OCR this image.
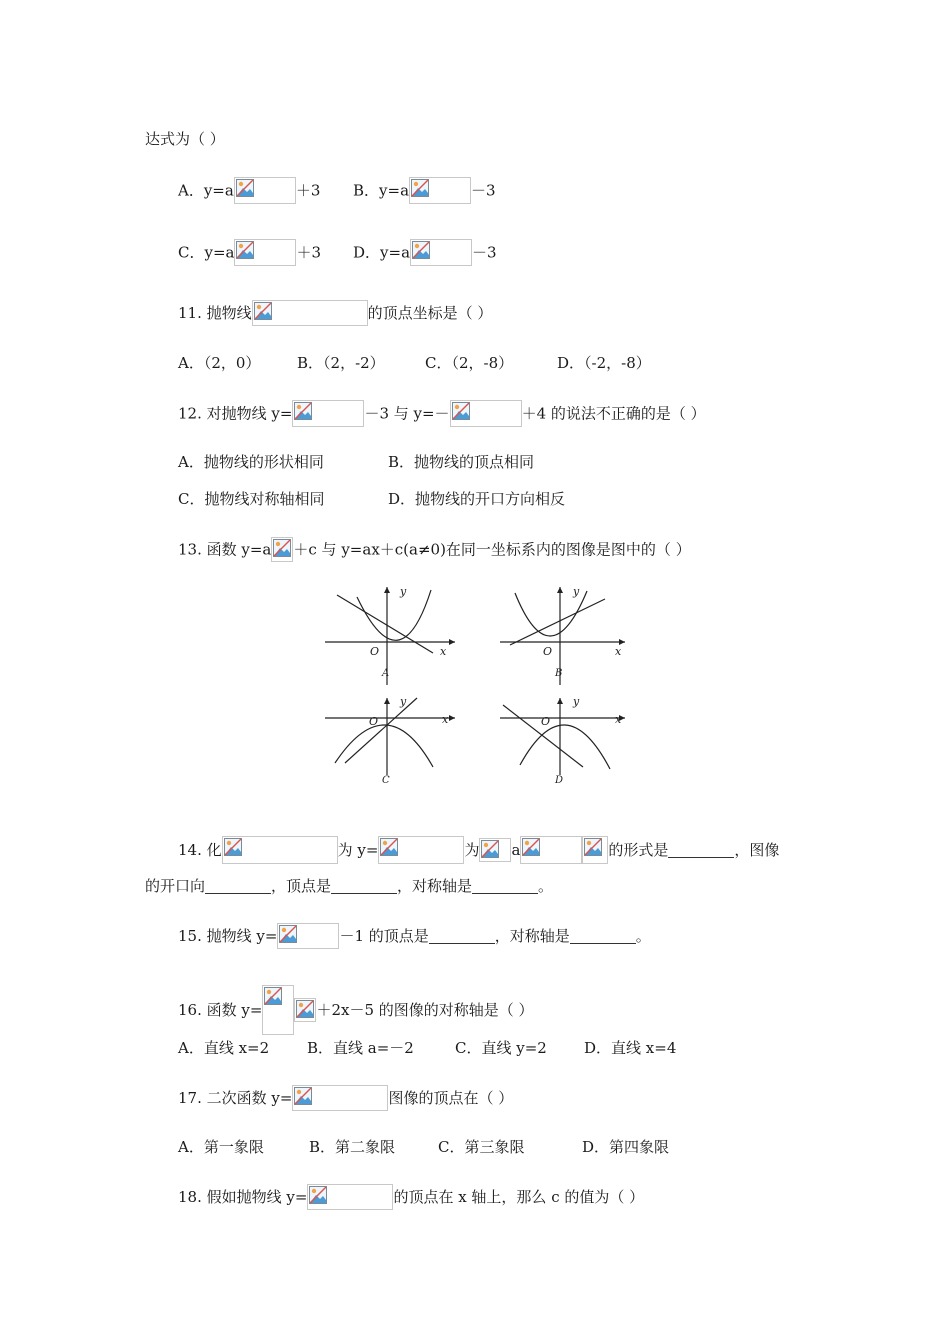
达式为（ ）
A．y=a	＋3 B．y=a	－3
C．y=a	＋3 D．y=a	－3
11. 抛物线	的顶点坐标是（ ）
A．（2，0） B．（2，-2）	C．（2，-8）	D．（-2，-8）
12. 对抛物线 y=	－3 与 y=－	＋4 的说法不正确的是（ ）
A．抛物线的形状相同	B．抛物线的顶点相同
C．抛物线对称轴相同	D．抛物线的开口方向相反
13. 函数 y=a ＋c 与 y=ax＋c(a≠0)在同一坐标系内的图像是图中的（ ）
y
x
O
A
y
x
O
B
y
x
O
C
y
x
O
D
14. 化	为 y=	为 a	的形式是	，图像
的开口向	，顶点是	，对称轴是	。
15. 抛物线 y=	－1 的顶点是	，对称轴是	。
16. 函数 y=	＋2x－5 的图像的对称轴是（ ）
A．直线 x=2	B．直线 a=－2	C．直线 y=2 D．直线 x=4
17. 二次函数 y=	图像的顶点在（ ）
A．第一象限	B．第二象限	C．第三象限	D．第四象限
18. 假如抛物线 y=	的顶点在 x 轴上，那么 c 的值为（ ）
